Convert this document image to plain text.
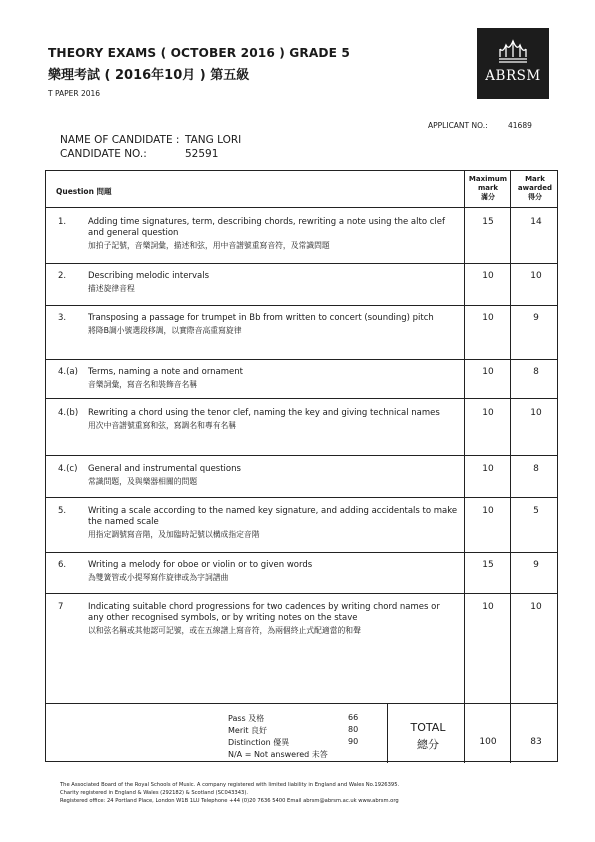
THEORY EXAMS ( OCTOBER 2016 ) GRADE 5
樂理考試 ( 2016年10月 ) 第五級
T PAPER 2016
ABRSM
APPLICANT NO.:	41689
NAME OF CANDIDATE : TANG LORI
CANDIDATE NO.:	52591
Question 問題
Maximum
mark
滿分
Mark
awarded
得分
1.	Adding time signatures, term, describing chords, rewriting a note using the alto clef and general question
加拍子記號，音樂詞彙，描述和弦，用中音譜號重寫音符，及常識問題
15	14
2.	Describing melodic intervals
描述旋律音程
10	10
3.	Transposing a passage for trumpet in Bb from written to concert (sounding) pitch
將降B調小號選段移調，以實際音高重寫旋律
10	9
4.(a) Terms, naming a note and ornament
音樂詞彙，寫音名和裝飾音名稱
10	8
4.(b) Rewriting a chord using the tenor clef, naming the key and giving technical names
用次中音譜號重寫和弦，寫調名和專有名稱
10	10
4.(c) General and instrumental questions
常識問題，及與樂器相關的問題
10	8
5.	Writing a scale according to the named key signature, and adding accidentals to make the named scale
用指定調號寫音階，及加臨時記號以構成指定音階
10	5
6.	Writing a melody for oboe or violin or to given words
為雙簧管或小提琴寫作旋律或為字詞譜曲
15	9
7	Indicating suitable chord progressions for two cadences by writing chord names or any other recognised symbols, or by writing notes on the stave
以和弦名稱或其他認可記號，或在五線譜上寫音符，為兩個終止式配適當的和聲
10	10
Pass 及格	66
Merit 良好	80
Distinction 優異	90
N/A = Not answered 未答
TOTAL
總分	100	83
The Associated Board of the Royal Schools of Music. A company registered with limited liability in England and Wales No.1926395.
Charity registered in England & Wales (292182) & Scotland (SC043343).
Registered office: 24 Portland Place, London W1B 1LU Telephone +44 (0)20 7636 5400 Email abrsm@abrsm.ac.uk www.abrsm.org
